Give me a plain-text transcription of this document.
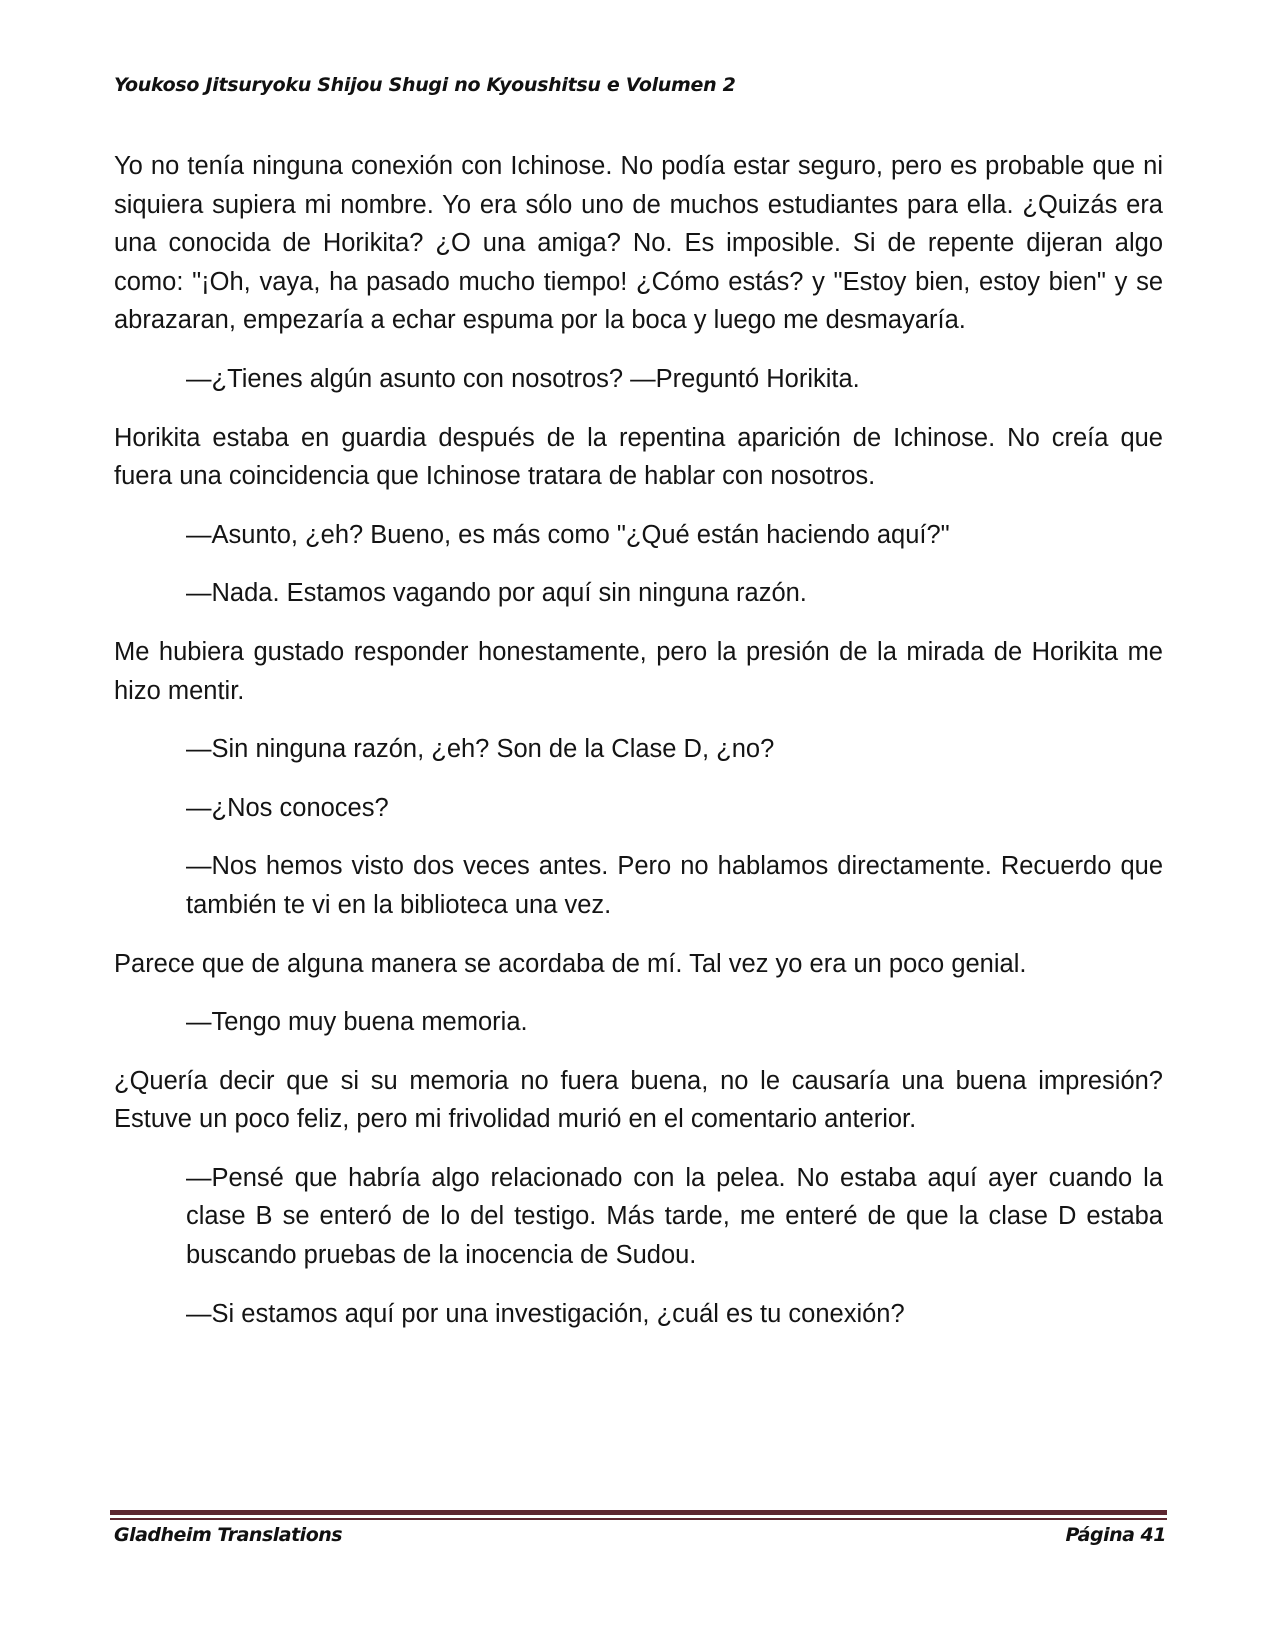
Youkoso Jitsuryoku Shijou Shugi no Kyoushitsu e Volumen 2

Yo no tenía ninguna conexión con Ichinose. No podía estar seguro, pero es probable que ni siquiera supiera mi nombre. Yo era sólo uno de muchos estudiantes para ella. ¿Quizás era una conocida de Horikita? ¿O una amiga? No. Es imposible. Si de repente dijeran algo como: "¡Oh, vaya, ha pasado mucho tiempo! ¿Cómo estás? y "Estoy bien, estoy bien" y se abrazaran, empezaría a echar espuma por la boca y luego me desmayaría.

—¿Tienes algún asunto con nosotros? —Preguntó Horikita.

Horikita estaba en guardia después de la repentina aparición de Ichinose. No creía que fuera una coincidencia que Ichinose tratara de hablar con nosotros.

—Asunto, ¿eh? Bueno, es más como "¿Qué están haciendo aquí?"

—Nada. Estamos vagando por aquí sin ninguna razón.

Me hubiera gustado responder honestamente, pero la presión de la mirada de Horikita me hizo mentir.

—Sin ninguna razón, ¿eh? Son de la Clase D, ¿no?

—¿Nos conoces?

—Nos hemos visto dos veces antes. Pero no hablamos directamente. Recuerdo que también te vi en la biblioteca una vez.

Parece que de alguna manera se acordaba de mí. Tal vez yo era un poco genial.

—Tengo muy buena memoria.

¿Quería decir que si su memoria no fuera buena, no le causaría una buena impresión? Estuve un poco feliz, pero mi frivolidad murió en el comentario anterior.

—Pensé que habría algo relacionado con la pelea. No estaba aquí ayer cuando la clase B se enteró de lo del testigo. Más tarde, me enteré de que la clase D estaba buscando pruebas de la inocencia de Sudou.

—Si estamos aquí por una investigación, ¿cuál es tu conexión?

Gladheim Translations	Página 41
